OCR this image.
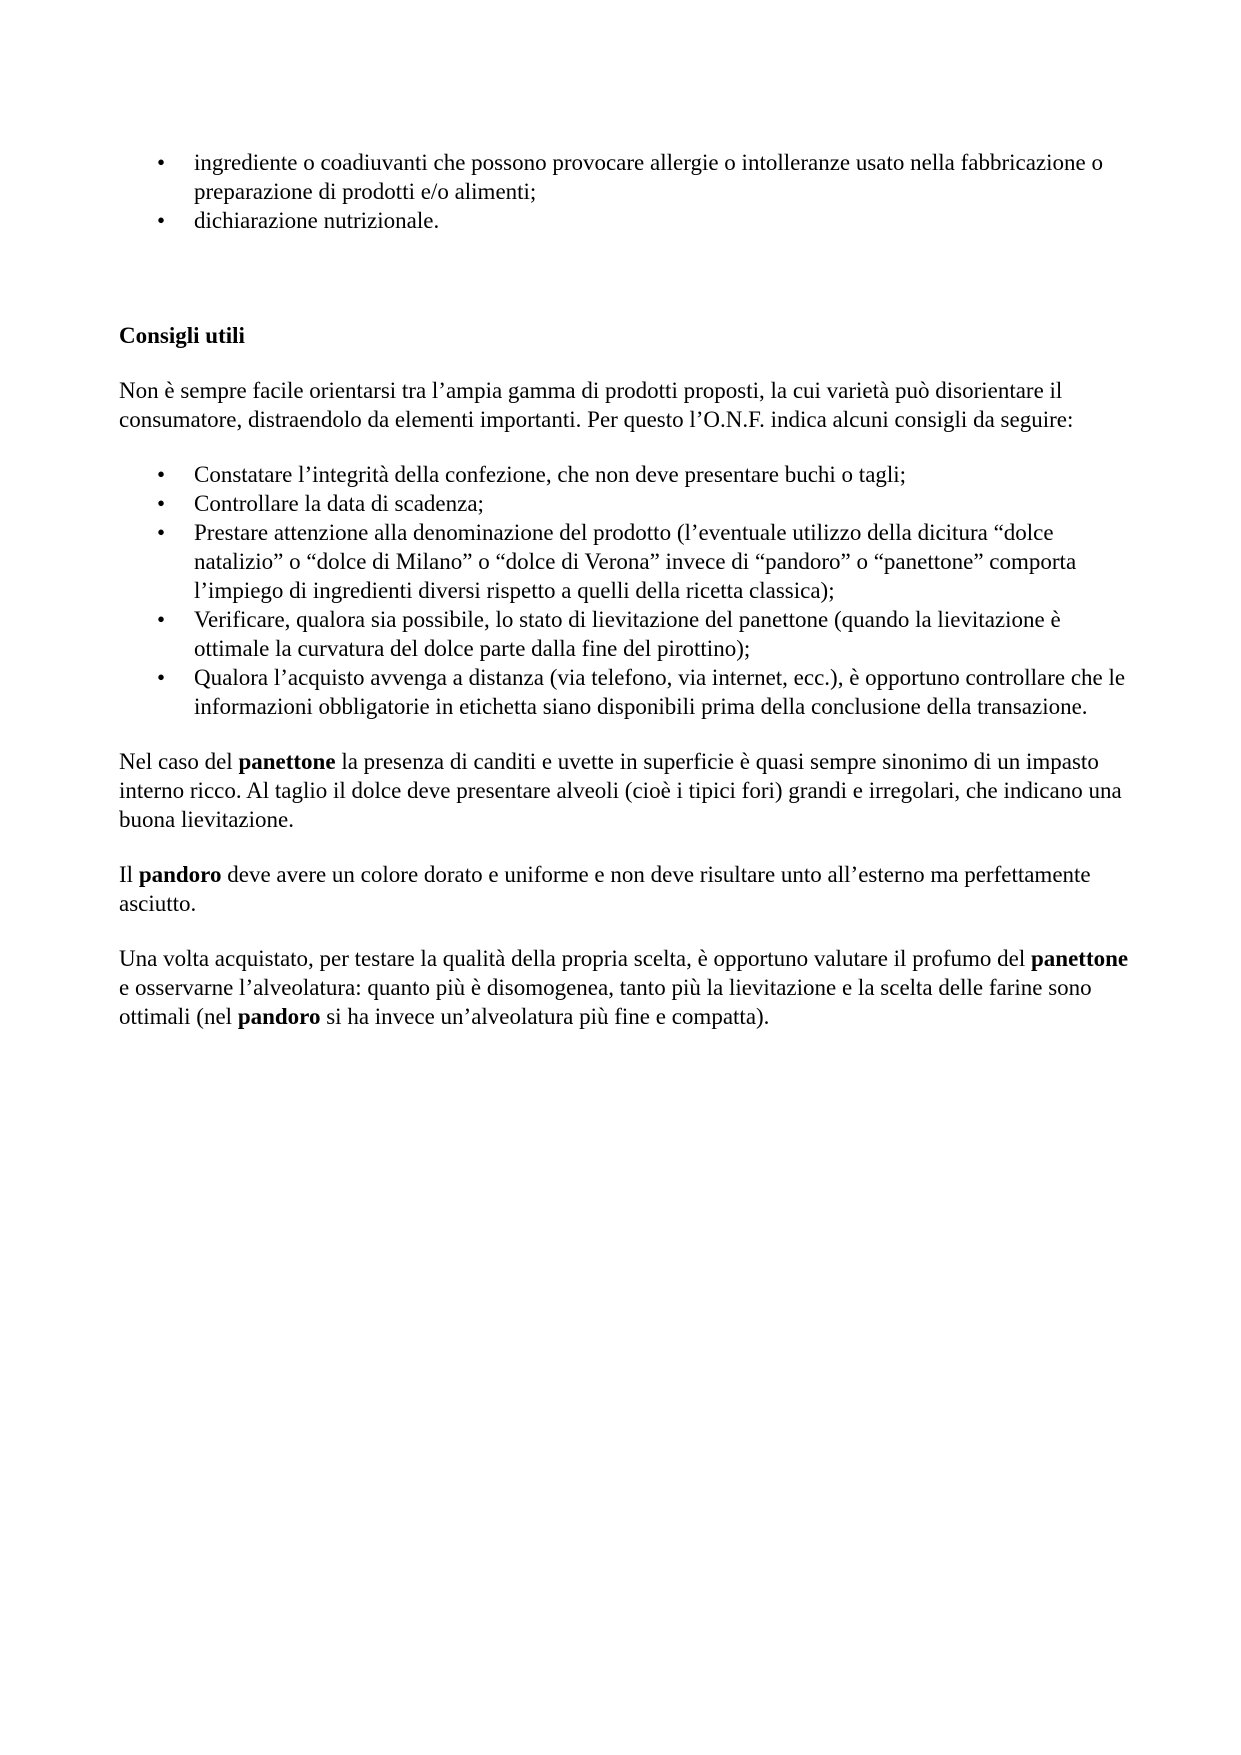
• ingrediente o coadiuvanti che possono provocare allergie o intolleranze usato nella fabbricazione o preparazione di prodotti e/o alimenti;
• dichiarazione nutrizionale.

Consigli utili

Non è sempre facile orientarsi tra l’ampia gamma di prodotti proposti, la cui varietà può disorientare il consumatore, distraendolo da elementi importanti. Per questo l’O.N.F. indica alcuni consigli da seguire:

• Constatare l’integrità della confezione, che non deve presentare buchi o tagli;
• Controllare la data di scadenza;
• Prestare attenzione alla denominazione del prodotto (l’eventuale utilizzo della dicitura “dolce natalizio” o “dolce di Milano” o “dolce di Verona” invece di “pandoro” o “panettone” comporta l’impiego di ingredienti diversi rispetto a quelli della ricetta classica);
• Verificare, qualora sia possibile, lo stato di lievitazione del panettone (quando la lievitazione è ottimale la curvatura del dolce parte dalla fine del pirottino);
• Qualora l’acquisto avvenga a distanza (via telefono, via internet, ecc.), è opportuno controllare che le informazioni obbligatorie in etichetta siano disponibili prima della conclusione della transazione.

Nel caso del panettone la presenza di canditi e uvette in superficie è quasi sempre sinonimo di un impasto interno ricco. Al taglio il dolce deve presentare alveoli (cioè i tipici fori) grandi e irregolari, che indicano una buona lievitazione.

Il pandoro deve avere un colore dorato e uniforme e non deve risultare unto all’esterno ma perfettamente asciutto.

Una volta acquistato, per testare la qualità della propria scelta, è opportuno valutare il profumo del panettone e osservarne l’alveolatura: quanto più è disomogenea, tanto più la lievitazione e la scelta delle farine sono ottimali (nel pandoro si ha invece un’alveolatura più fine e compatta).
